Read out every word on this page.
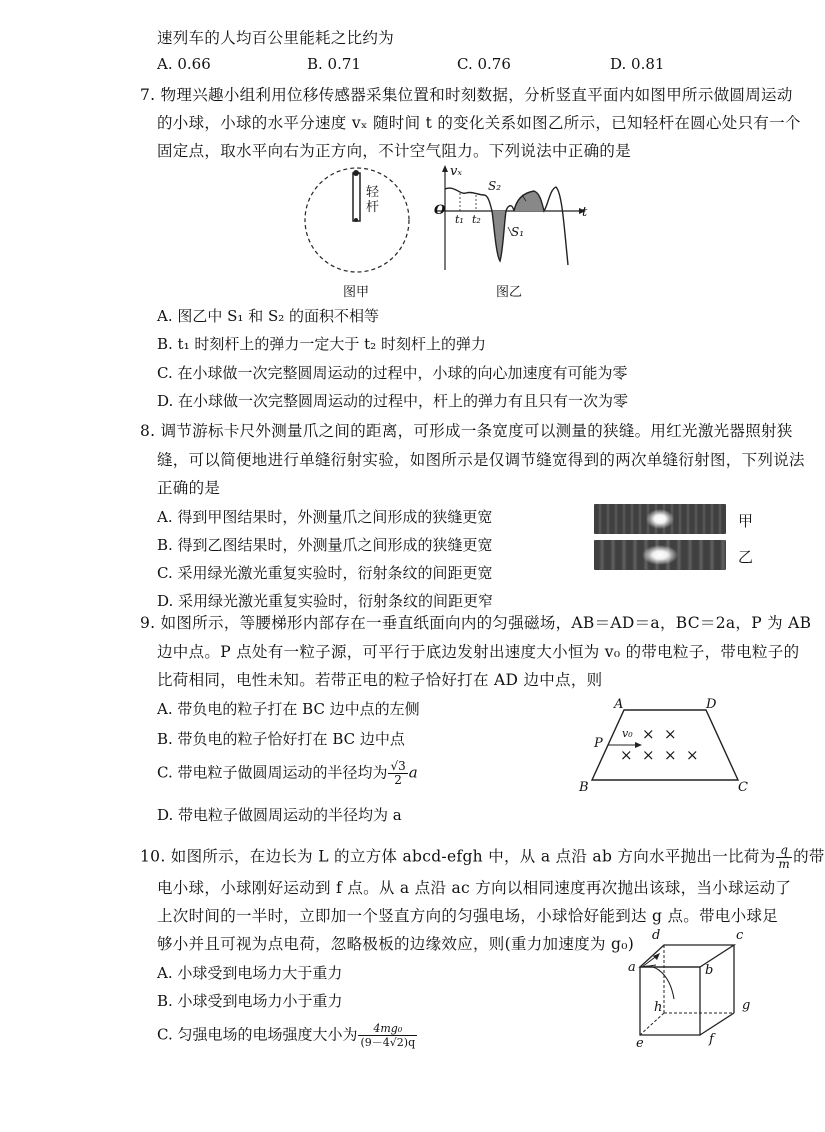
速列车的人均百公里能耗之比约为
A. 0.66	B. 0.71	C. 0.76	D. 0.81
7. 物理兴趣小组利用位移传感器采集位置和时刻数据，分析竖直平面内如图甲所示做圆周运动
的小球，小球的水平分速度 vₓ 随时间 t 的变化关系如图乙所示，已知轻杆在圆心处只有一个
固定点，取水平向右为正方向，不计空气阻力。下列说法中正确的是
轻杆
图甲
vₓ
t
O
t₁ t₂
S₁
S₂
图乙
A. 图乙中 S₁ 和 S₂ 的面积不相等
B. t₁ 时刻杆上的弹力一定大于 t₂ 时刻杆上的弹力
C. 在小球做一次完整圆周运动的过程中，小球的向心加速度有可能为零
D. 在小球做一次完整圆周运动的过程中，杆上的弹力有且只有一次为零
8. 调节游标卡尺外测量爪之间的距离，可形成一条宽度可以测量的狭缝。用红光激光器照射狭
缝，可以简便地进行单缝衍射实验，如图所示是仅调节缝宽得到的两次单缝衍射图，下列说法
正确的是
A. 得到甲图结果时，外测量爪之间形成的狭缝更宽
B. 得到乙图结果时，外测量爪之间形成的狭缝更宽
C. 采用绿光激光重复实验时，衍射条纹的间距更宽
D. 采用绿光激光重复实验时，衍射条纹的间距更窄
甲
乙
9. 如图所示，等腰梯形内部存在一垂直纸面向内的匀强磁场，AB＝AD＝a，BC＝2a，P 为 AB
边中点。P 点处有一粒子源，可平行于底边发射出速度大小恒为 v₀ 的带电粒子，带电粒子的
比荷相同，电性未知。若带正电的粒子恰好打在 AD 边中点，则
A. 带负电的粒子打在 BC 边中点的左侧
B. 带负电的粒子恰好打在 BC 边中点
C. 带电粒子做圆周运动的半径均为 $\frac{√3}{2}$ a
D. 带电粒子做圆周运动的半径均为 a
A	D
B	C
P
v₀ × ×
× × × ×
10. 如图所示，在边长为 L 的立方体 abcd-efgh 中，从 a 点沿 ab 方向水平抛出一比荷为 $\frac{q}{m}$ 的带
电小球，小球刚好运动到 f 点。从 a 点沿 ac 方向以相同速度再次抛出该球，当小球运动了
上次时间的一半时，立即加一个竖直方向的匀强电场，小球恰好能到达 g 点。带电小球足
够小并且可视为点电荷，忽略极板的边缘效应，则(重力加速度为 g₀)
A. 小球受到电场力大于重力
B. 小球受到电场力小于重力
C. 匀强电场的电场强度大小为 $\frac{\text{4mg₀}}{(9-4√2)q}$
d	c
a	b
h	g
e	f
